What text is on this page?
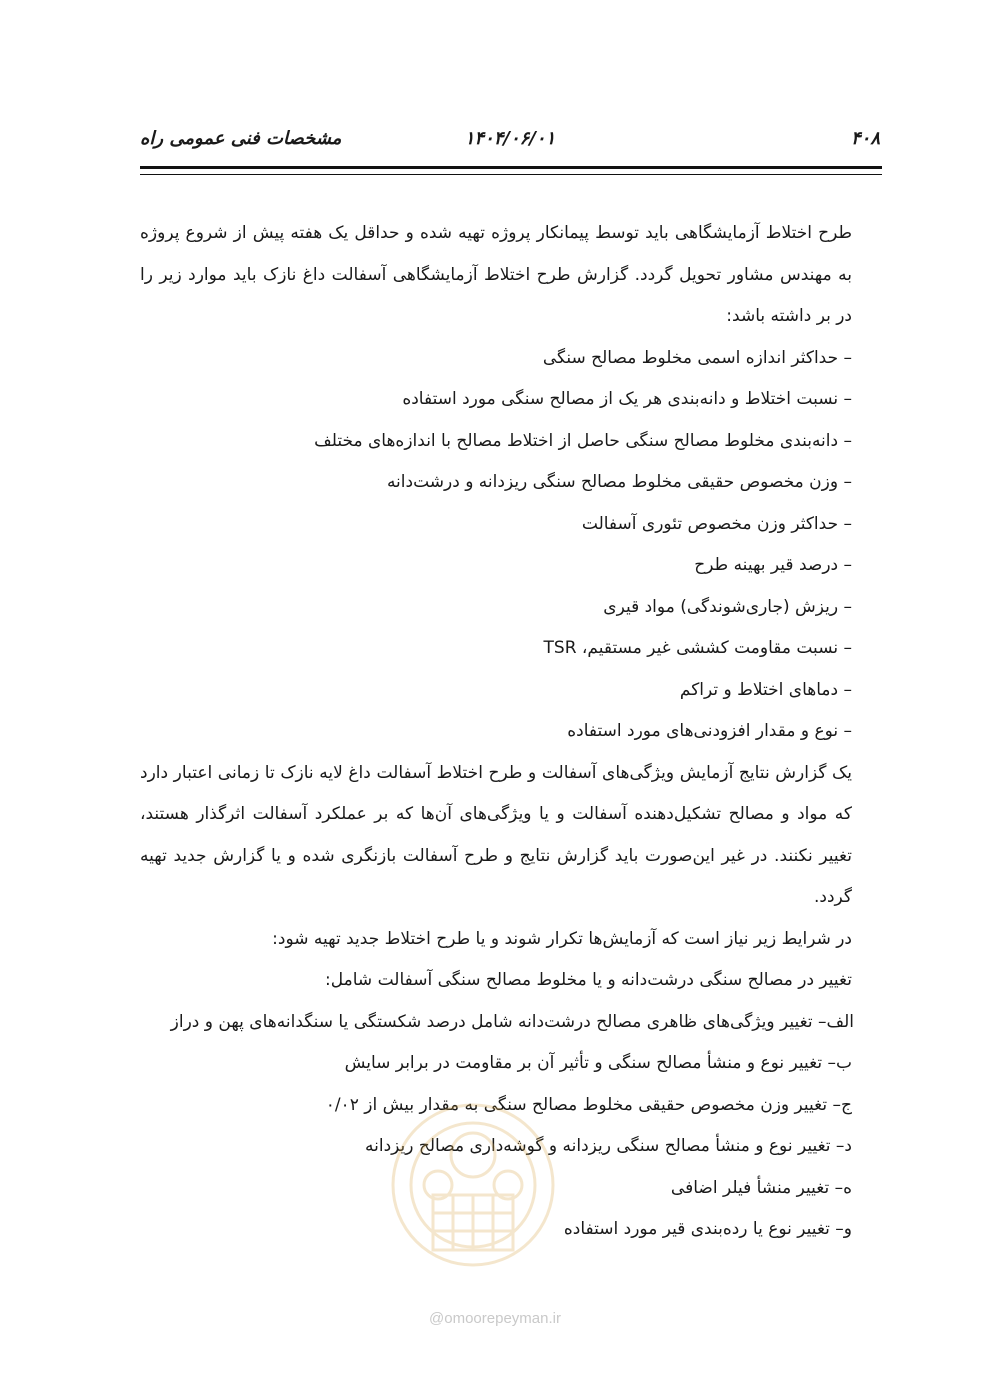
۴۰۸
۱۴۰۴/۰۶/۰۱
مشخصات فنی عمومی راه

طرح اختلاط آزمایشگاهی باید توسط پیمانکار پروژه تهیه شده و حداقل یک هفته پیش از شروع پروژه به مهندس مشاور تحویل گردد. گزارش طرح اختلاط آزمایشگاهی آسفالت داغ نازک باید موارد زیر را در بر داشته باشد:

– حداکثر اندازه اسمی مخلوط مصالح سنگی

– نسبت اختلاط و دانه‌بندی هر یک از مصالح سنگی مورد استفاده

– دانه‌بندی مخلوط مصالح سنگی حاصل از اختلاط مصالح با اندازه‌های مختلف

– وزن مخصوص حقیقی مخلوط مصالح سنگی ریزدانه و درشت‌دانه

– حداکثر وزن مخصوص تئوری آسفالت

– درصد قیر بهینه طرح

– ریزش (جاری‌شوندگی) مواد قیری

– نسبت مقاومت کششی غیر مستقیم، TSR

– دماهای اختلاط و تراکم

– نوع و مقدار افزودنی‌های مورد استفاده

یک گزارش نتایج آزمایش ویژگی‌های آسفالت و طرح اختلاط آسفالت داغ لایه نازک تا زمانی اعتبار دارد که مواد و مصالح تشکیل‌دهنده آسفالت و یا ویژگی‌های آن‌ها که بر عملکرد آسفالت اثرگذار هستند، تغییر نکنند. در غیر این‌صورت باید گزارش نتایج و طرح آسفالت بازنگری شده و یا گزارش جدید تهیه گردد.

در شرایط زیر نیاز است که آزمایش‌ها تکرار شوند و یا طرح اختلاط جدید تهیه شود:

تغییر در مصالح سنگی درشت‌دانه و یا مخلوط مصالح سنگی آسفالت شامل:

الف– تغییر ویژگی‌های ظاهری مصالح درشت‌دانه شامل درصد شکستگی یا سنگدانه‌های پهن و دراز

ب– تغییر نوع و منشأ مصالح سنگی و تأثیر آن بر مقاومت در برابر سایش

ج– تغییر وزن مخصوص حقیقی مخلوط مصالح سنگی به مقدار بیش از ۰/۰۲

د– تغییر نوع و منشأ مصالح سنگی ریزدانه و گوشه‌داری مصالح ریزدانه

ه– تغییر منشأ فیلر اضافی

و– تغییر نوع یا رده‌بندی قیر مورد استفاده

@omoorepeyman.ir
